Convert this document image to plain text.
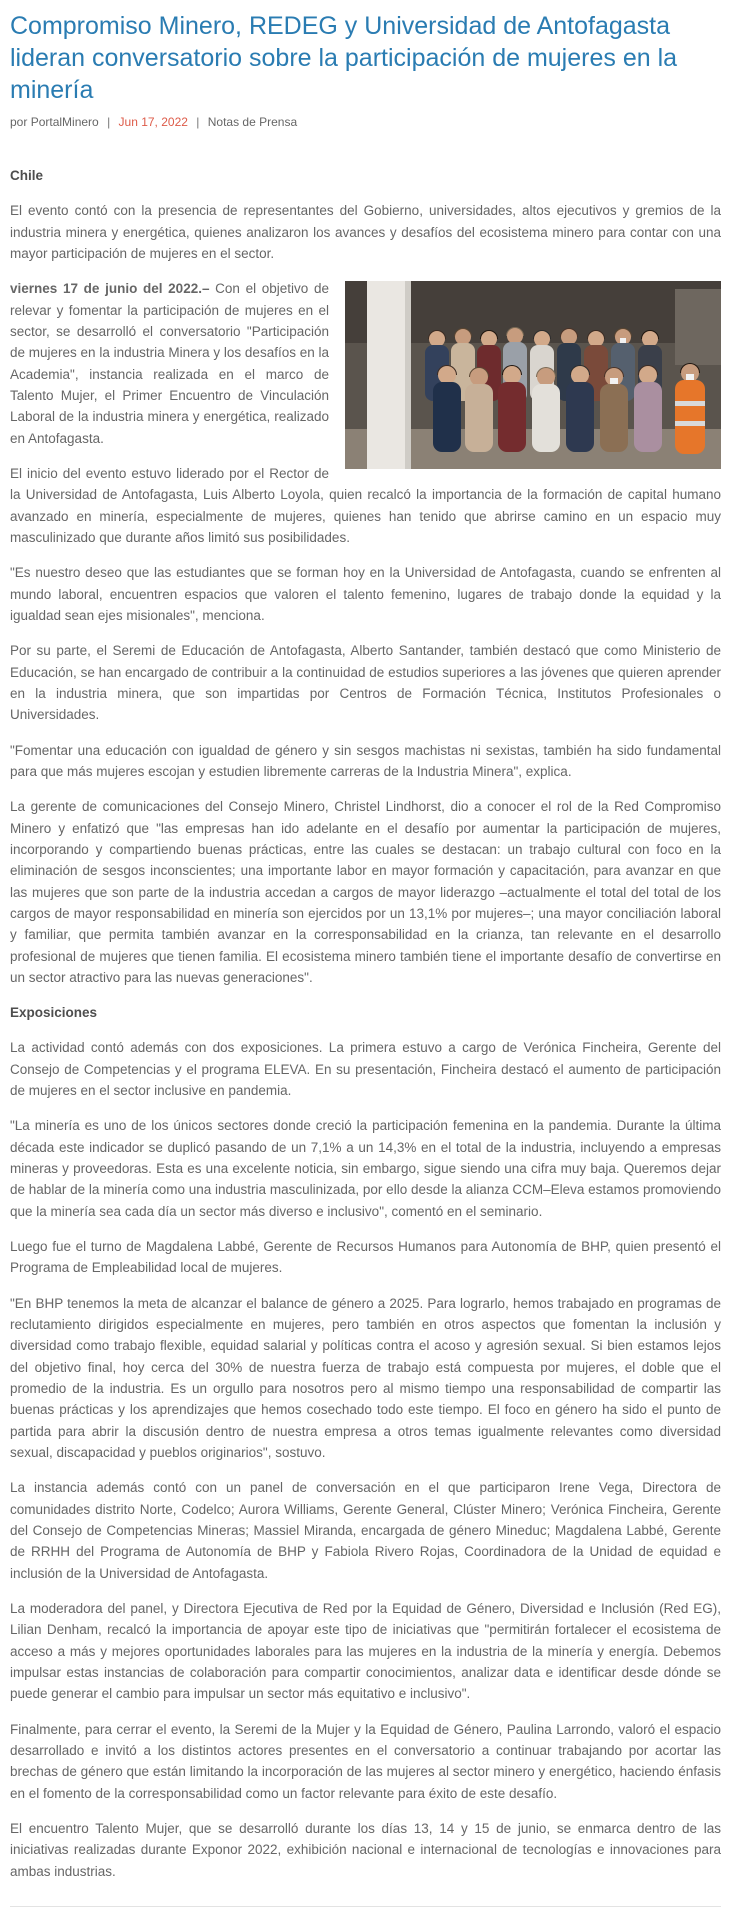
Compromiso Minero, REDEG y Universidad de Antofagasta lideran conversatorio sobre la participación de mujeres en la minería
por PortalMinero | Jun 17, 2022 | Notas de Prensa

Chile

El evento contó con la presencia de representantes del Gobierno, universidades, altos ejecutivos y gremios de la industria minera y energética, quienes analizaron los avances y desafíos del ecosistema minero para contar con una mayor participación de mujeres en el sector.

viernes 17 de junio del 2022.– Con el objetivo de relevar y fomentar la participación de mujeres en el sector, se desarrolló el conversatorio "Participación de mujeres en la industria Minera y los desafíos en la Academia", instancia realizada en el marco de Talento Mujer, el Primer Encuentro de Vinculación Laboral de la industria minera y energética, realizado en Antofagasta.

El inicio del evento estuvo liderado por el Rector de la Universidad de Antofagasta, Luis Alberto Loyola, quien recalcó la importancia de la formación de capital humano avanzado en minería, especialmente de mujeres, quienes han tenido que abrirse camino en un espacio muy masculinizado que durante años limitó sus posibilidades.

"Es nuestro deseo que las estudiantes que se forman hoy en la Universidad de Antofagasta, cuando se enfrenten al mundo laboral, encuentren espacios que valoren el talento femenino, lugares de trabajo donde la equidad y la igualdad sean ejes misionales", menciona.

Por su parte, el Seremi de Educación de Antofagasta, Alberto Santander, también destacó que como Ministerio de Educación, se han encargado de contribuir a la continuidad de estudios superiores a las jóvenes que quieren aprender en la industria minera, que son impartidas por Centros de Formación Técnica, Institutos Profesionales o Universidades.

"Fomentar una educación con igualdad de género y sin sesgos machistas ni sexistas, también ha sido fundamental para que más mujeres escojan y estudien libremente carreras de la Industria Minera", explica.

La gerente de comunicaciones del Consejo Minero, Christel Lindhorst, dio a conocer el rol de la Red Compromiso Minero y enfatizó que "las empresas han ido adelante en el desafío por aumentar la participación de mujeres, incorporando y compartiendo buenas prácticas, entre las cuales se destacan: un trabajo cultural con foco en la eliminación de sesgos inconscientes; una importante labor en mayor formación y capacitación, para avanzar en que las mujeres que son parte de la industria accedan a cargos de mayor liderazgo –actualmente el total del total de los cargos de mayor responsabilidad en minería son ejercidos por un 13,1% por mujeres–; una mayor conciliación laboral y familiar, que permita también avanzar en la corresponsabilidad en la crianza, tan relevante en el desarrollo profesional de mujeres que tienen familia. El ecosistema minero también tiene el importante desafío de convertirse en un sector atractivo para las nuevas generaciones".

Exposiciones

La actividad contó además con dos exposiciones. La primera estuvo a cargo de Verónica Fincheira, Gerente del Consejo de Competencias y el programa ELEVA. En su presentación, Fincheira destacó el aumento de participación de mujeres en el sector inclusive en pandemia.

"La minería es uno de los únicos sectores donde creció la participación femenina en la pandemia. Durante la última década este indicador se duplicó pasando de un 7,1% a un 14,3% en el total de la industria, incluyendo a empresas mineras y proveedoras. Esta es una excelente noticia, sin embargo, sigue siendo una cifra muy baja. Queremos dejar de hablar de la minería como una industria masculinizada, por ello desde la alianza CCM–Eleva estamos promoviendo que la minería sea cada día un sector más diverso e inclusivo", comentó en el seminario.

Luego fue el turno de Magdalena Labbé, Gerente de Recursos Humanos para Autonomía de BHP, quien presentó el Programa de Empleabilidad local de mujeres.

"En BHP tenemos la meta de alcanzar el balance de género a 2025. Para lograrlo, hemos trabajado en programas de reclutamiento dirigidos especialmente en mujeres, pero también en otros aspectos que fomentan la inclusión y diversidad como trabajo flexible, equidad salarial y políticas contra el acoso y agresión sexual. Si bien estamos lejos del objetivo final, hoy cerca del 30% de nuestra fuerza de trabajo está compuesta por mujeres, el doble que el promedio de la industria. Es un orgullo para nosotros pero al mismo tiempo una responsabilidad de compartir las buenas prácticas y los aprendizajes que hemos cosechado todo este tiempo. El foco en género ha sido el punto de partida para abrir la discusión dentro de nuestra empresa a otros temas igualmente relevantes como diversidad sexual, discapacidad y pueblos originarios", sostuvo.

La instancia además contó con un panel de conversación en el que participaron Irene Vega, Directora de comunidades distrito Norte, Codelco; Aurora Williams, Gerente General, Clúster Minero; Verónica Fincheira, Gerente del Consejo de Competencias Mineras; Massiel Miranda, encargada de género Mineduc; Magdalena Labbé, Gerente de RRHH del Programa de Autonomía de BHP y Fabiola Rivero Rojas, Coordinadora de la Unidad de equidad e inclusión de la Universidad de Antofagasta.

La moderadora del panel, y Directora Ejecutiva de Red por la Equidad de Género, Diversidad e Inclusión (Red EG), Lilian Denham, recalcó la importancia de apoyar este tipo de iniciativas que "permitirán fortalecer el ecosistema de acceso a más y mejores oportunidades laborales para las mujeres en la industria de la minería y energía. Debemos impulsar estas instancias de colaboración para compartir conocimientos, analizar data e identificar desde dónde se puede generar el cambio para impulsar un sector más equitativo e inclusivo".

Finalmente, para cerrar el evento, la Seremi de la Mujer y la Equidad de Género, Paulina Larrondo, valoró el espacio desarrollado e invitó a los distintos actores presentes en el conversatorio a continuar trabajando por acortar las brechas de género que están limitando la incorporación de las mujeres al sector minero y energético, haciendo énfasis en el fomento de la corresponsabilidad como un factor relevante para éxito de este desafío.

El encuentro Talento Mujer, que se desarrolló durante los días 13, 14 y 15 de junio, se enmarca dentro de las iniciativas realizadas durante Exponor 2022, exhibición nacional e internacional de tecnologías e innovaciones para ambas industrias.
